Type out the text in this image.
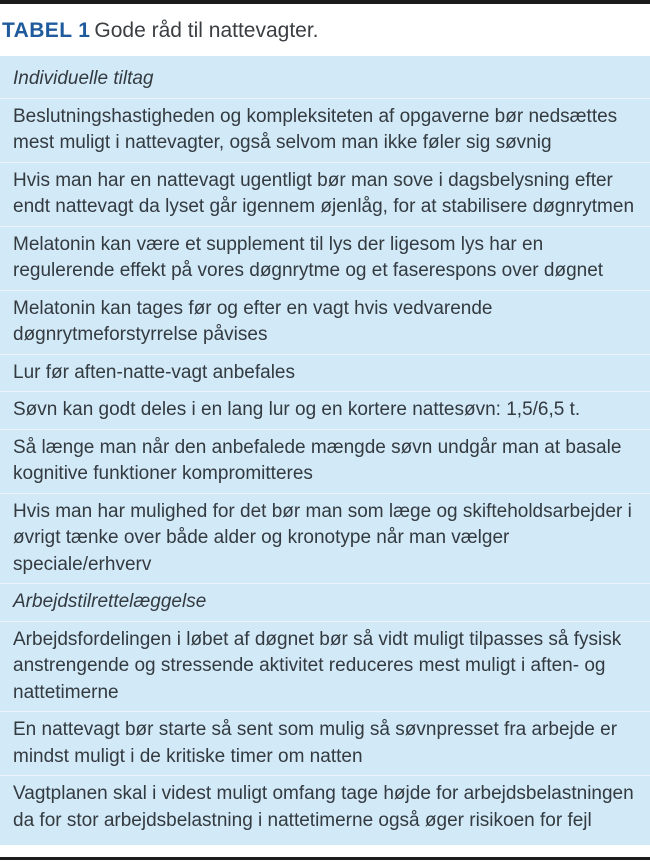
TABEL 1 Gode råd til nattevagter.
Individuelle tiltag
Beslutningshastigheden og kompleksiteten af opgaverne bør nedsættes mest muligt i nattevagter, også selvom man ikke føler sig søvnig
Hvis man har en nattevagt ugentligt bør man sove i dagsbelysning efter endt nattevagt da lyset går igennem øjenlåg, for at stabilisere døgnrytmen
Melatonin kan være et supplement til lys der ligesom lys har en regulerende effekt på vores døgnrytme og et faserespons over døgnet
Melatonin kan tages før og efter en vagt hvis vedvarende døgnrytmeforstyrrelse påvises
Lur før aften-natte-vagt anbefales
Søvn kan godt deles i en lang lur og en kortere nattesøvn: 1,5/6,5 t.
Så længe man når den anbefalede mængde søvn undgår man at basale kognitive funktioner kompromitteres
Hvis man har mulighed for det bør man som læge og skifteholdsarbejder i øvrigt tænke over både alder og kronotype når man vælger speciale/erhverv
Arbejdstilrettelæggelse
Arbejdsfordelingen i løbet af døgnet bør så vidt muligt tilpasses så fysisk anstrengende og stressende aktivitet reduceres mest muligt i aften- og nattetimerne
En nattevagt bør starte så sent som mulig så søvnpresset fra arbejde er mindst muligt i de kritiske timer om natten
Vagtplanen skal i videst muligt omfang tage højde for arbejdsbelastningen da for stor arbejdsbelastning i nattetimerne også øger risikoen for fejl
